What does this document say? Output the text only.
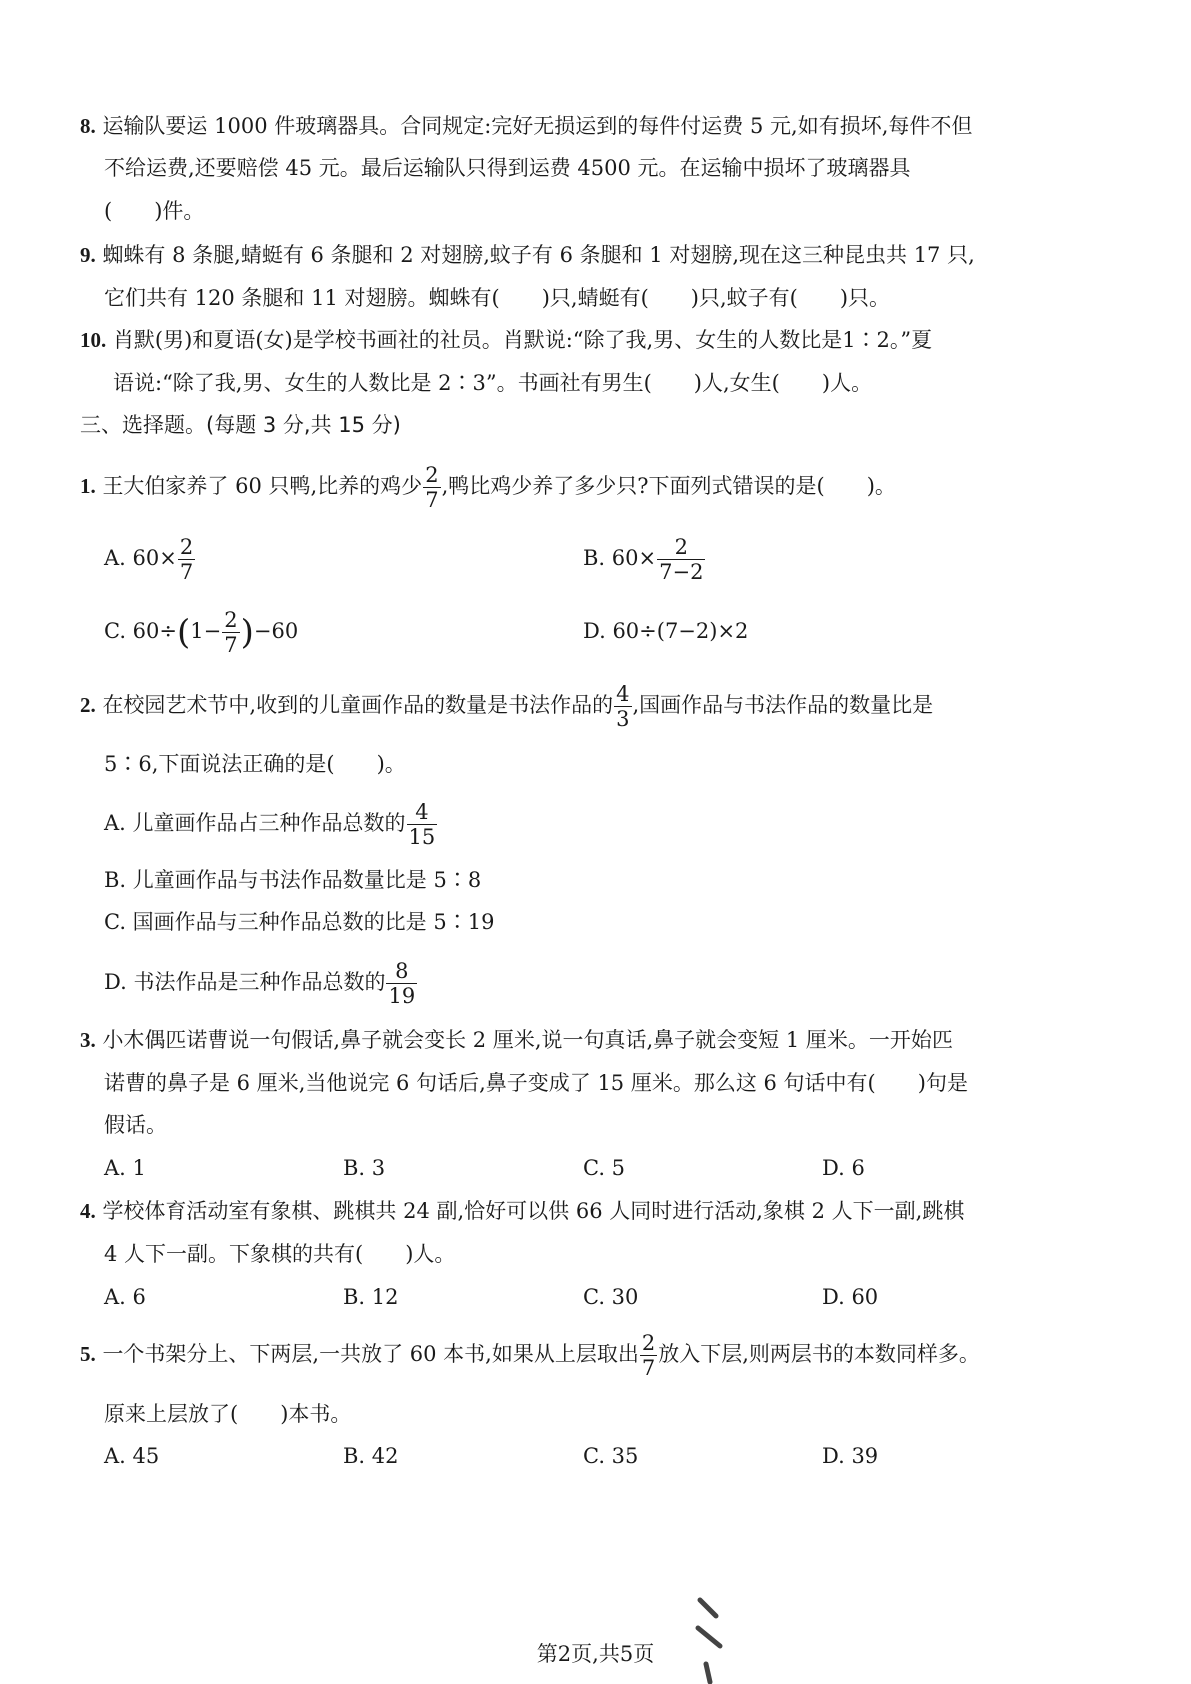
8. 运输队要运 1000 件玻璃器具。合同规定:完好无损运到的每件付运费 5 元,如有损坏,每件不但
不给运费,还要赔偿 45 元。最后运输队只得到运费 4500 元。在运输中损坏了玻璃器具
(　　)件。
9. 蜘蛛有 8 条腿,蜻蜓有 6 条腿和 2 对翅膀,蚊子有 6 条腿和 1 对翅膀,现在这三种昆虫共 17 只,
它们共有 120 条腿和 11 对翅膀。蜘蛛有(　　)只,蜻蜓有(　　)只,蚊子有(　　)只。
10. 肖默(男)和夏语(女)是学校书画社的社员。肖默说:“除了我,男、女生的人数比是1∶2。”夏
语说:“除了我,男、女生的人数比是 2∶3”。书画社有男生(　　)人,女生(　　)人。
三、选择题。(每题 3 分,共 15 分)
1. 王大伯家养了 60 只鸭,比养的鸡少 $\frac{2}{7}$ ,鸭比鸡少养了多少只?下面列式错误的是(　　)。
A. $60\times \frac{2}{7}$	B. $60\times \frac{2}{7-2}$
C. $60\div(1- \frac{2}{7} )-60$	D. 60÷(7−2)×2
2. 在校园艺术节中,收到的儿童画作品的数量是书法作品的 $\frac{4}{3}$ ,国画作品与书法作品的数量比是
5∶6,下面说法正确的是(　　)。
A. 儿童画作品占三种作品总数的 $\frac{4}{15}$
B. 儿童画作品与书法作品数量比是 5∶8
C. 国画作品与三种作品总数的比是 5∶19
D. 书法作品是三种作品总数的 $\frac{8}{19}$
3. 小木偶匹诺曹说一句假话,鼻子就会变长 2 厘米,说一句真话,鼻子就会变短 1 厘米。一开始匹
诺曹的鼻子是 6 厘米,当他说完 6 句话后,鼻子变成了 15 厘米。那么这 6 句话中有(　　)句是
假话。
A. 1	B. 3	C. 5	D. 6
4. 学校体育活动室有象棋、跳棋共 24 副,恰好可以供 66 人同时进行活动,象棋 2 人下一副,跳棋
4 人下一副。下象棋的共有(　　)人。
A. 6	B. 12	C. 30	D. 60
5. 一个书架分上、下两层,一共放了 60 本书,如果从上层取出 $\frac{2}{7}$ 放入下层,则两层书的本数同样多。
原来上层放了(　　)本书。
A. 45	B. 42	C. 35	D. 39
第2页,共5页
